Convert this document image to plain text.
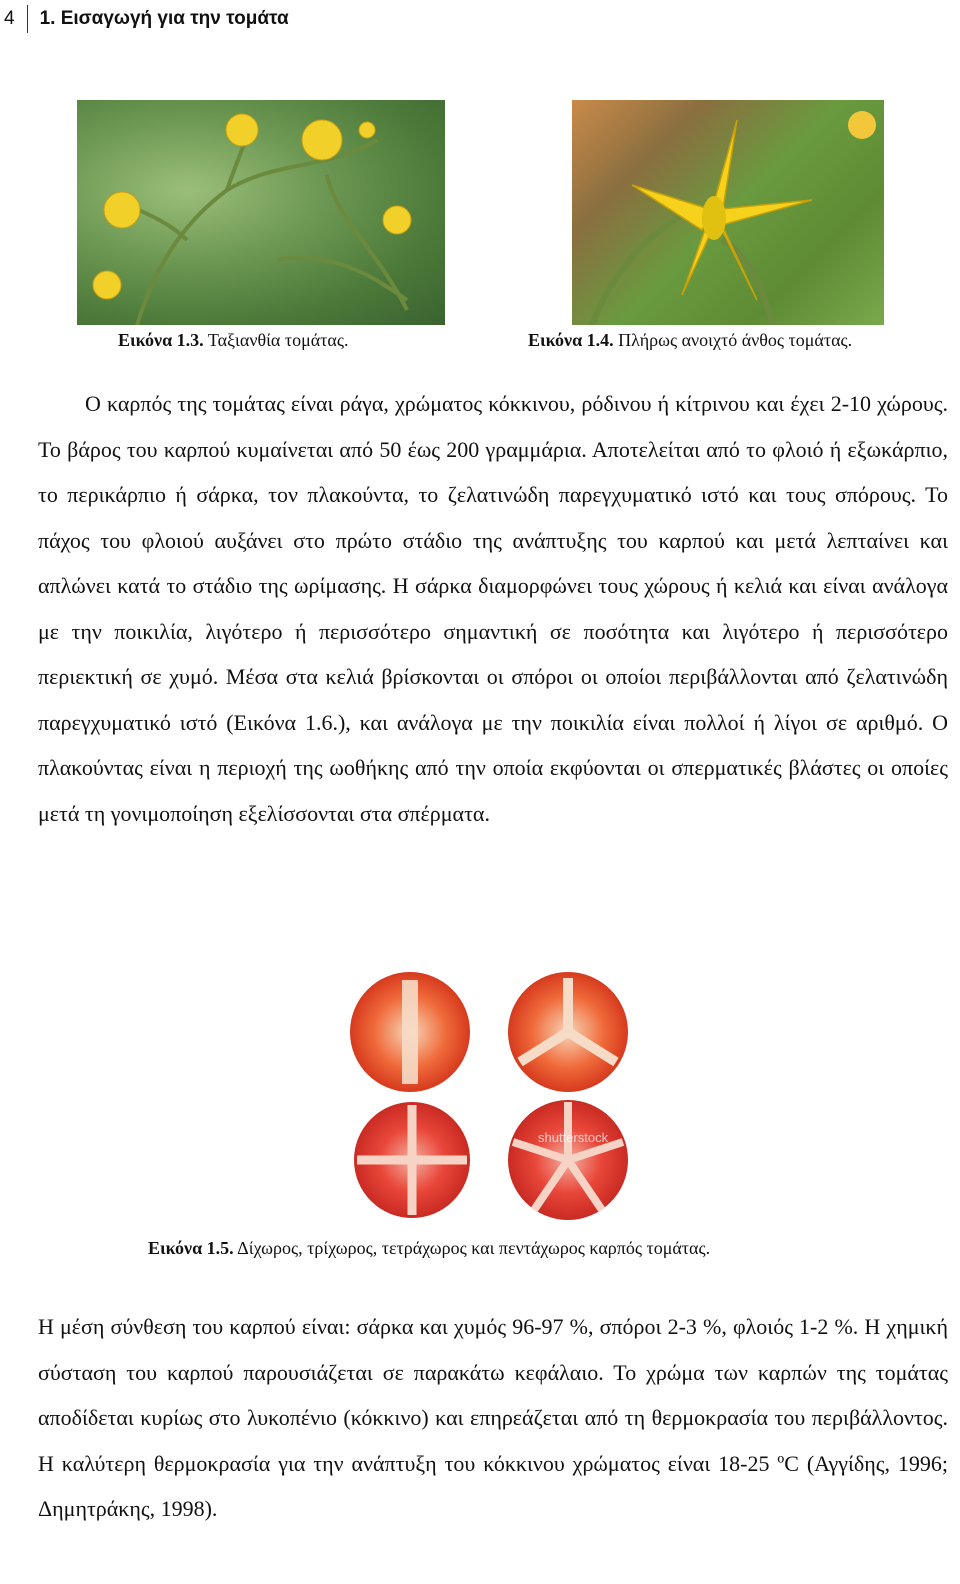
4	1. Εισαγωγή για την τομάτα
Εικόνα 1.3. Ταξιανθία τομάτας.	Εικόνα 1.4. Πλήρως ανοιχτό άνθος τομάτας.
Ο καρπός της τομάτας είναι ράγα, χρώματος κόκκινου, ρόδινου ή κίτρινου και έχει 2-10 χώρους. Το βάρος του καρπού κυμαίνεται από 50 έως 200 γραμμάρια. Αποτελείται από το φλοιό ή εξωκάρπιο, το περικάρπιο ή σάρκα, τον πλακούντα, το ζελατινώδη παρεγχυματικό ιστό και τους σπόρους. Το πάχος του φλοιού αυξάνει στο πρώτο στάδιο της ανάπτυξης του καρπού και μετά λεπταίνει και απλώνει κατά το στάδιο της ωρίμασης. Η σάρκα διαμορφώνει τους χώρους ή κελιά και είναι ανάλογα με την ποικιλία, λιγότερο ή περισσότερο σημαντική σε ποσότητα και λιγότερο ή περισσότερο περιεκτική σε χυμό. Μέσα στα κελιά βρίσκονται οι σπόροι οι οποίοι περιβάλλονται από ζελατινώδη παρεγχυματικό ιστό (Εικόνα 1.6.), και ανάλογα με την ποικιλία είναι πολλοί ή λίγοι σε αριθμό. Ο πλακούντας είναι η περιοχή της ωοθήκης από την οποία εκφύονται οι σπερματικές βλάστες οι οποίες μετά τη γονιμοποίηση εξελίσσονται στα σπέρματα.
shutterstock
Εικόνα 1.5. Δίχωρος, τρίχωρος, τετράχωρος και πεντάχωρος καρπός τομάτας.
Η μέση σύνθεση του καρπού είναι: σάρκα και χυμός 96-97 %, σπόροι 2-3 %, φλοιός 1-2 %. Η χημική σύσταση του καρπού παρουσιάζεται σε παρακάτω κεφάλαιο. Το χρώμα των καρπών της τομάτας αποδίδεται κυρίως στο λυκοπένιο (κόκκινο) και επηρεάζεται από τη θερμοκρασία του περιβάλλοντος. Η καλύτερη θερμοκρασία για την ανάπτυξη του κόκκινου χρώματος είναι 18-25 ºC (Αγγίδης, 1996; Δημητράκης, 1998).
